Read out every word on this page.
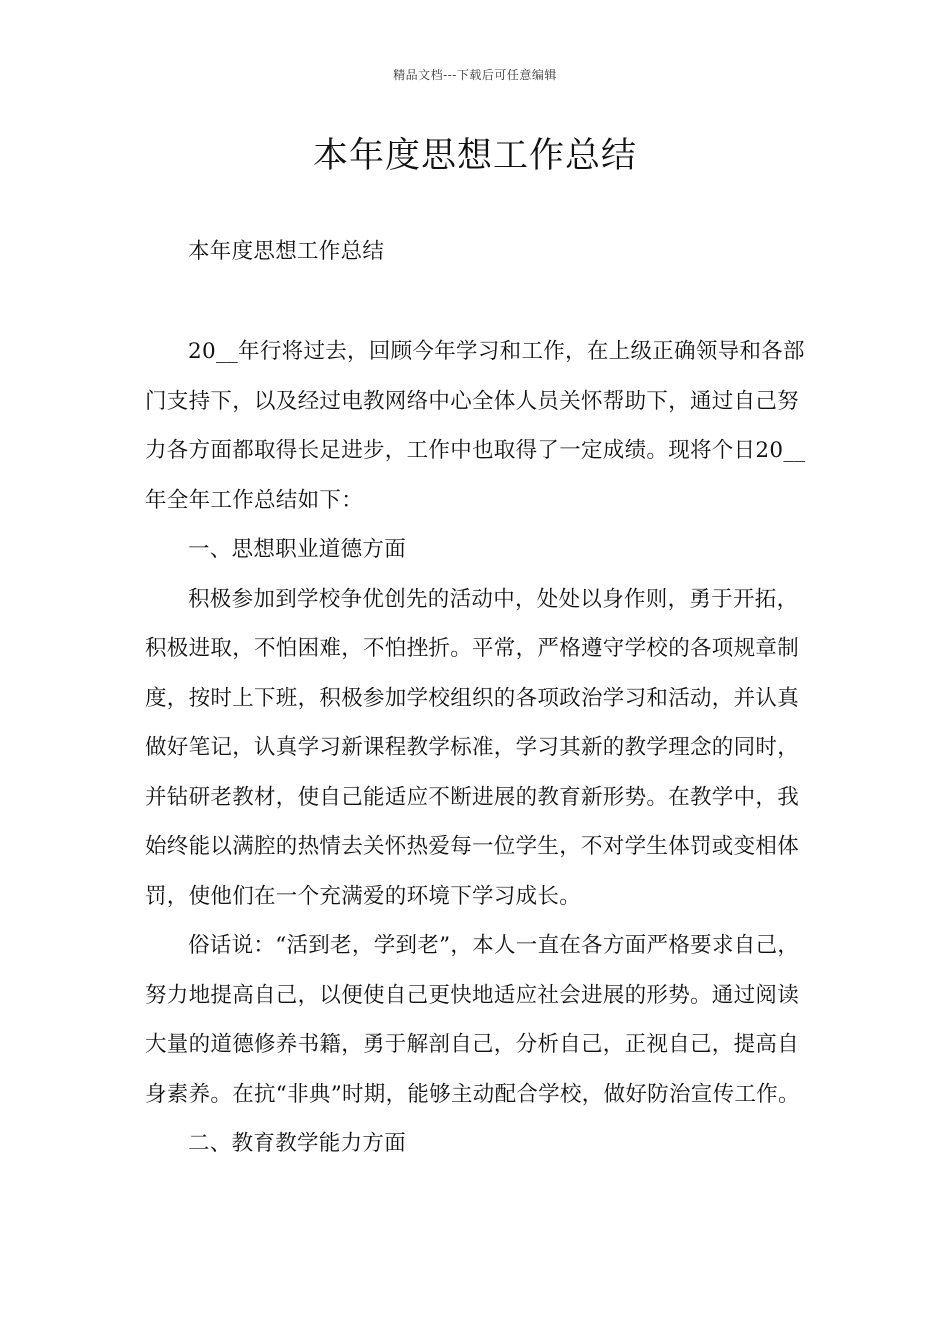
精品文档---下载后可任意编辑
本年度思想工作总结

本年度思想工作总结

20__年行将过去，回顾今年学习和工作，在上级正确领导和各部门支持下，以及经过电教网络中心全体人员关怀帮助下，通过自己努力各方面都取得长足进步，工作中也取得了一定成绩。现将个日20__年全年工作总结如下：

一、思想职业道德方面

积极参加到学校争优创先的活动中，处处以身作则，勇于开拓，积极进取，不怕困难，不怕挫折。平常，严格遵守学校的各项规章制度，按时上下班，积极参加学校组织的各项政治学习和活动，并认真做好笔记，认真学习新课程教学标准，学习其新的教学理念的同时，并钻研老教材，使自己能适应不断进展的教育新形势。在教学中，我始终能以满腔的热情去关怀热爱每一位学生，不对学生体罚或变相体罚，使他们在一个充满爱的环境下学习成长。

俗话说：“活到老，学到老”，本人一直在各方面严格要求自己，努力地提高自己，以便使自己更快地适应社会进展的形势。通过阅读大量的道德修养书籍，勇于解剖自己，分析自己，正视自己，提高自身素养。在抗“非典”时期，能够主动配合学校，做好防治宣传工作。

二、教育教学能力方面
